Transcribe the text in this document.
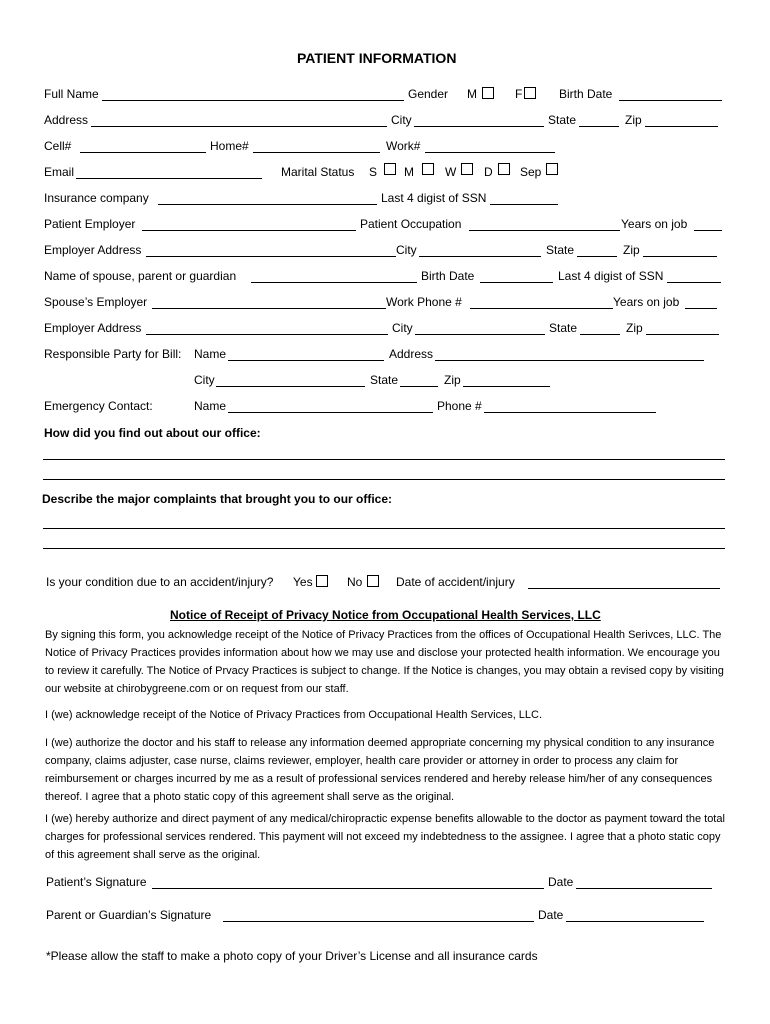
PATIENT INFORMATION
Full Name	Gender M	F	Birth Date
Address	City	State	Zip
Cell#	Home#	Work#
Email	Marital Status S M	W D Sep
Insurance company	Last 4 digist of SSN
Patient Employer	Patient Occupation	Years on job
Employer Address	City	State	Zip
Name of spouse, parent or guardian	Birth Date	Last 4 digist of SSN
Spouse’s Employer	Work Phone #	Years on job
Employer Address	City	State	Zip
Responsible Party for Bill: Name	Address
City	State	Zip
Emergency Contact:	Name	Phone #
How did you find out about our office:
Describe the major complaints that brought you to our office:
Is your condition due to an accident/injury? Yes	No	Date of accident/injury
Notice of Receipt of Privacy Notice from Occupational Health Services, LLC
By signing this form, you acknowledge receipt of the Notice of Privacy Practices from the offices of Occupational Health Serivces, LLC. The Notice of Privacy Practices provides information about how we may use and disclose your protected health information. We encourage you to review it carefully. The Notice of Prvacy Practices is subject to change. If the Notice is changes, you may obtain a revised copy by visiting our website at chirobygreene.com or on request from our staff.
I (we) acknowledge receipt of the Notice of Privacy Practices from Occupational Health Services, LLC.
I (we) authorize the doctor and his staff to release any information deemed appropriate concerning my physical condition to any insurance company, claims adjuster, case nurse, claims reviewer, employer, health care provider or attorney in order to process any claim for reimbursement or charges incurred by me as a result of professional services rendered and hereby release him/her of any consequences thereof. I agree that a photo static copy of this agreement shall serve as the original.
I (we) hereby authorize and direct payment of any medical/chiropractic expense benefits allowable to the doctor as payment toward the total charges for professional services rendered. This payment will not exceed my indebtedness to the assignee. I agree that a photo static copy of this agreement shall serve as the original.
Patient’s Signature	Date
Parent or Guardian’s Signature	Date
*Please allow the staff to make a photo copy of your Driver’s License and all insurance cards
